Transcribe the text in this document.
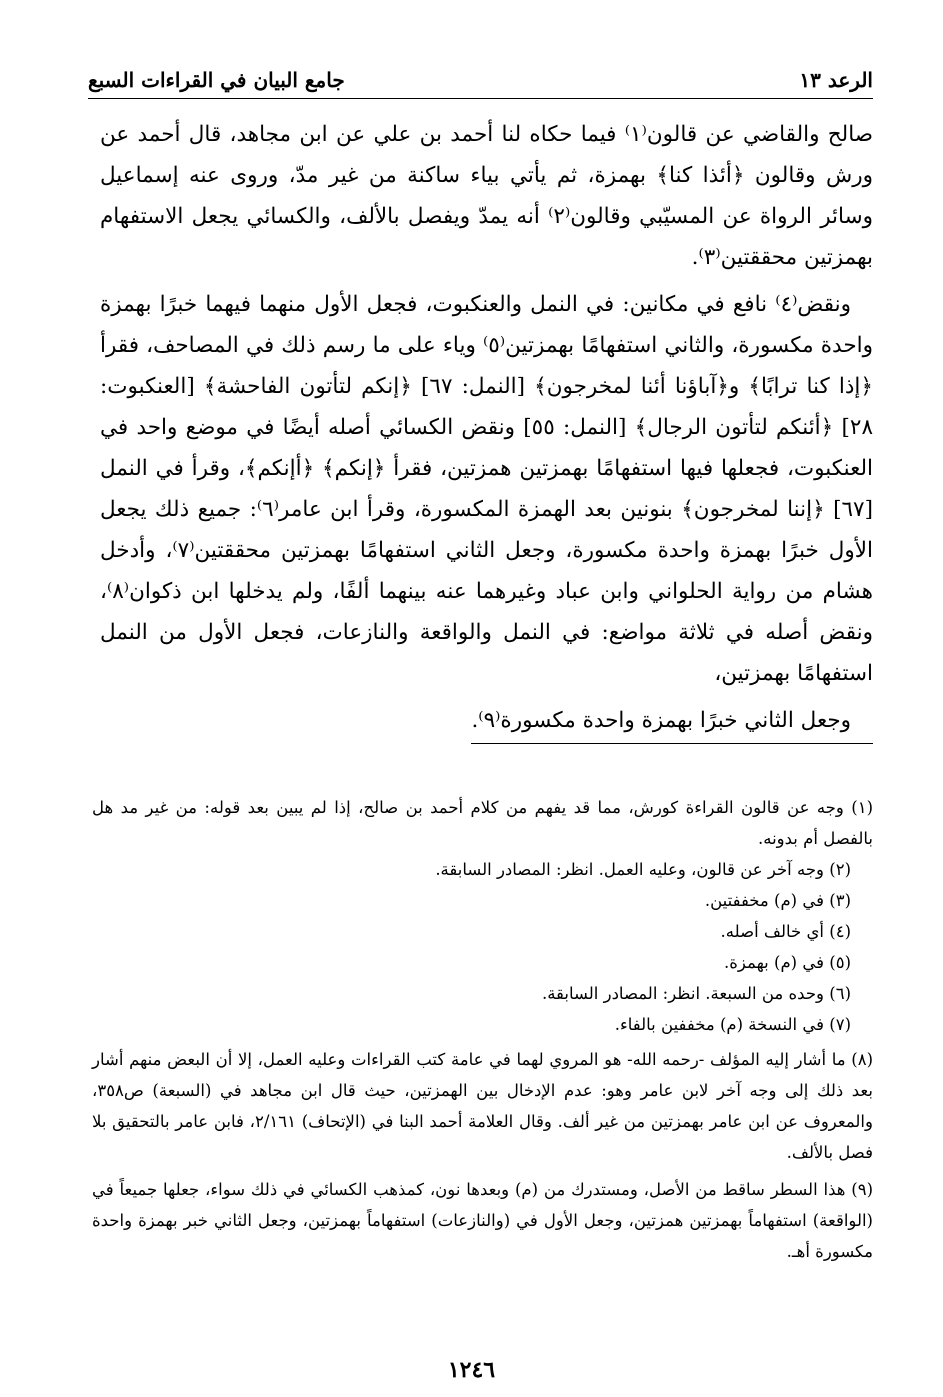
الرعد ١٣
جامع البيان في القراءات السبع

صالح والقاضي عن قالون⁽١⁾ فيما حكاه لنا أحمد بن علي عن ابن مجاهد، قال أحمد عن ورش وقالون ﴿أئذا كنا﴾ بهمزة، ثم يأتي بياء ساكنة من غير مدّ، وروى عنه إسماعيل وسائر الرواة عن المسيّبي وقالون⁽٢⁾ أنه يمدّ ويفصل بالألف، والكسائي يجعل الاستفهام بهمزتين محققتين⁽٣⁾.

ونقض⁽٤⁾ نافع في مكانين: في النمل والعنكبوت، فجعل الأول منهما فيهما خبرًا بهمزة واحدة مكسورة، والثاني استفهامًا بهمزتين⁽٥⁾ وياء على ما رسم ذلك في المصاحف، فقرأ ﴿إذا كنا ترابًا﴾ و﴿آباؤنا أئنا لمخرجون﴾ [النمل: ٦٧] ﴿إنكم لتأتون الفاحشة﴾ [العنكبوت: ٢٨] ﴿أئنكم لتأتون الرجال﴾ [النمل: ٥٥] ونقض الكسائي أصله أيضًا في موضع واحد في العنكبوت، فجعلها فيها استفهامًا بهمزتين همزتين، فقرأ ﴿إنكم﴾ ﴿أإنكم﴾، وقرأ في النمل [٦٧] ﴿إننا لمخرجون﴾ بنونين بعد الهمزة المكسورة، وقرأ ابن عامر⁽٦⁾: جميع ذلك يجعل الأول خبرًا بهمزة واحدة مكسورة، وجعل الثاني استفهامًا بهمزتين محققتين⁽٧⁾، وأدخل هشام من رواية الحلواني وابن عباد وغيرهما عنه بينهما ألفًا، ولم يدخلها ابن ذكوان⁽٨⁾، ونقض أصله في ثلاثة مواضع: في النمل والواقعة والنازعات، فجعل الأول من النمل استفهامًا بهمزتين،

وجعل الثاني خبرًا بهمزة واحدة مكسورة⁽٩⁾.

(١) وجه عن قالون القراءة كورش، مما قد يفهم من كلام أحمد بن صالح، إذا لم يبين بعد قوله: من غير مد هل بالفصل أم بدونه.

(٢) وجه آخر عن قالون، وعليه العمل. انظر: المصادر السابقة.

(٣) في (م) مخففتين.

(٤) أي خالف أصله.

(٥) في (م) بهمزة.

(٦) وحده من السبعة. انظر: المصادر السابقة.

(٧) في النسخة (م) مخففين بالفاء.

(٨) ما أشار إليه المؤلف -رحمه الله- هو المروي لهما في عامة كتب القراءات وعليه العمل، إلا أن البعض منهم أشار بعد ذلك إلى وجه آخر لابن عامر وهو: عدم الإدخال بين الهمزتين، حيث قال ابن مجاهد في (السبعة) ص٣٥٨، والمعروف عن ابن عامر بهمزتين من غير ألف. وقال العلامة أحمد البنا في (الإتحاف) ٢/١٦١، فابن عامر بالتحقيق بلا فصل بالألف.

(٩) هذا السطر ساقط من الأصل، ومستدرك من (م) وبعدها نون، كمذهب الكسائي في ذلك سواء، جعلها جميعاً في (الواقعة) استفهاماً بهمزتين همزتين، وجعل الأول في (والنازعات) استفهاماً بهمزتين، وجعل الثاني خبر بهمزة واحدة مكسورة أهـ.

١٢٤٦
